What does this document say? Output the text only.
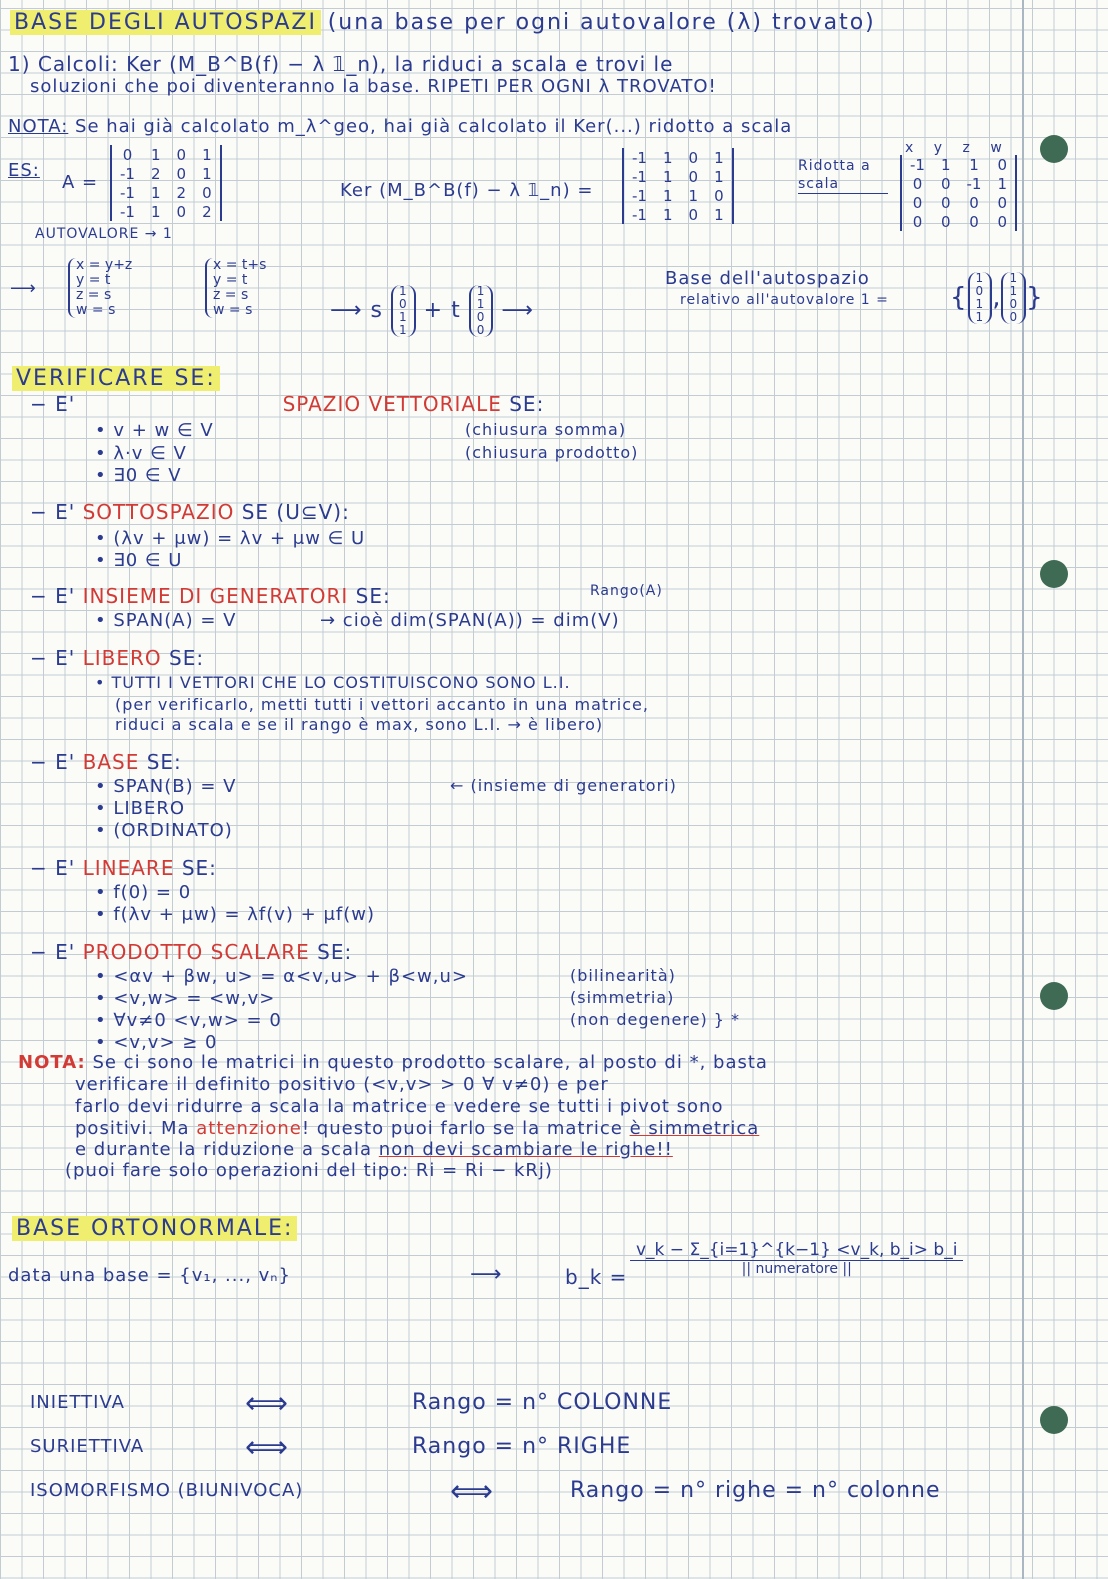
BASE DEGLI AUTOSPAZI (una base per ogni autovalore (λ) trovato)
1) Calcoli: Ker (M_B^B(f) − λ 𝟙_n), la riduci a scala e trovi le
soluzioni che poi diventeranno la base. RIPETI PER OGNI λ TROVATO!
NOTA: Se hai già calcolato m_λ^geo, hai già calcolato il Ker(...) ridotto a scala
ES:
A =
0	1	0	1
-1	2	0	1
-1	1	2	0
-1	1	0	2
Ker (M_B^B(f) − λ 𝟙_n) =
-1	1	0	1
-1	1	0	1
-1	1	1	0
-1	1	0	1
Ridotta a scala
x y z w
-1	1	1	0
0	0	-1	1
0	0	0	0
0	0	0	0
AUTOVALORE → 1
⟶
x = y+z
y = t
z = s
w = s
x = t+s
y = t
z = s
w = s	⟶ s
1
0
1
1
+ t
1
1
0
0
⟶
Base dell'autospazio
relativo all'autovalore 1 = {
1
0
1
1
,
1
1
0
0
}
VERIFICARE SE:
− E'	SPAZIO VETTORIALE SE:
• v + w ∈ V
• λ·v ∈ V
• ∃0 ∈ V
(chiusura somma)
(chiusura prodotto)
− E' SOTTOSPAZIO SE (U⊆V):
• (λv + μw) = λv + μw ∈ U
• ∃0 ∈ U
− E' INSIEME DI GENERATORI SE:
• SPAN(A) = V
− E' LIBERO SE:
• TUTTI I VETTORI CHE LO COSTITUISCONO SONO L.I.
(per verificarlo, metti tutti i vettori accanto in una matrice,
riduci a scala e se il rango è max, sono L.I. → è libero)
− E' BASE SE:
• SPAN(B) = V
• LIBERO
• (ORDINATO)
− E' LINEARE SE:
• f(0) = 0
• f(λv + μw) = λf(v) + μf(w)
− E' PRODOTTO SCALARE SE:
• <αv + βw, u> = α<v,u> + β<w,u>
• <v,w> = <w,v>
• ∀v≠0 <v,w> = 0
• <v,v> ≥ 0
(bilinearità)
(simmetria)
(non degenere) } *
→ cioè dim(SPAN(A)) = dim(V)
Rango(A)
← (insieme di generatori)
NOTA: Se ci sono le matrici in questo prodotto scalare, al posto di *, basta
verificare il definito positivo (<v,v> > 0 ∀ v≠0) e per
farlo devi ridurre a scala la matrice e vedere se tutti i pivot sono
positivi. Ma attenzione! questo puoi farlo se la matrice è simmetrica
e durante la riduzione a scala non devi scambiare le righe!!
(puoi fare solo operazioni del tipo: Ri = Ri − kRj)
BASE ORTONORMALE:
data una base = {v₁, ..., vₙ}	⟶	b_k =
v_k − Σ_{i=1}^{k−1} <v_k, b_i> b_i
|| numeratore ||
INIETTIVA	⟺	Rango = n° COLONNE
SURIETTIVA	⟺	Rango = n° RIGHE
ISOMORFISMO (BIUNIVOCA)	⟺	Rango = n° righe = n° colonne
